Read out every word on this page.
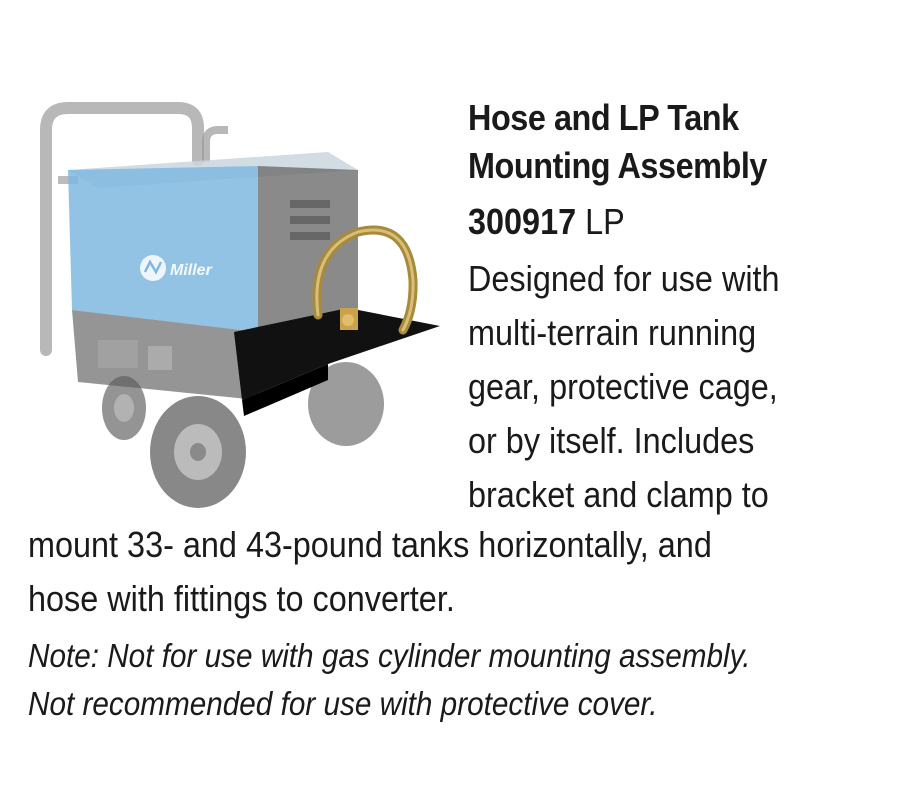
Miller
Hose and LP Tank
Mounting Assembly
300917 LP
Designed for use with
multi-terrain running
gear, protective cage,
or by itself. Includes
bracket and clamp to
mount 33- and 43-pound tanks horizontally, and
hose with fittings to converter.
Note: Not for use with gas cylinder mounting assembly.
Not recommended for use with protective cover.
